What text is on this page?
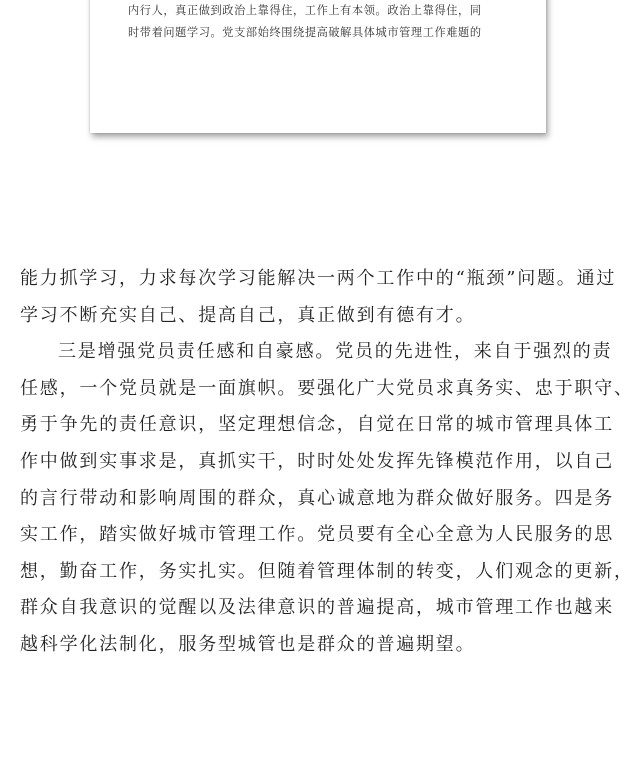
内行人，真正做到政治上靠得住，工作上有本领。政治上靠得住，同
时带着问题学习。党支部始终围绕提高破解具体城市管理工作难题的
能力抓学习，力求每次学习能解决一两个工作中的“瓶颈”问题。通过
学习不断充实自己、提高自己，真正做到有德有才。
三是增强党员责任感和自豪感。党员的先进性，来自于强烈的责
任感，一个党员就是一面旗帜。要强化广大党员求真务实、忠于职守、
勇于争先的责任意识，坚定理想信念，自觉在日常的城市管理具体工
作中做到实事求是，真抓实干，时时处处发挥先锋模范作用，以自己
的言行带动和影响周围的群众，真心诚意地为群众做好服务。四是务
实工作，踏实做好城市管理工作。党员要有全心全意为人民服务的思
想，勤奋工作，务实扎实。但随着管理体制的转变，人们观念的更新，
群众自我意识的觉醒以及法律意识的普遍提高，城市管理工作也越来
越科学化法制化，服务型城管也是群众的普遍期望。
